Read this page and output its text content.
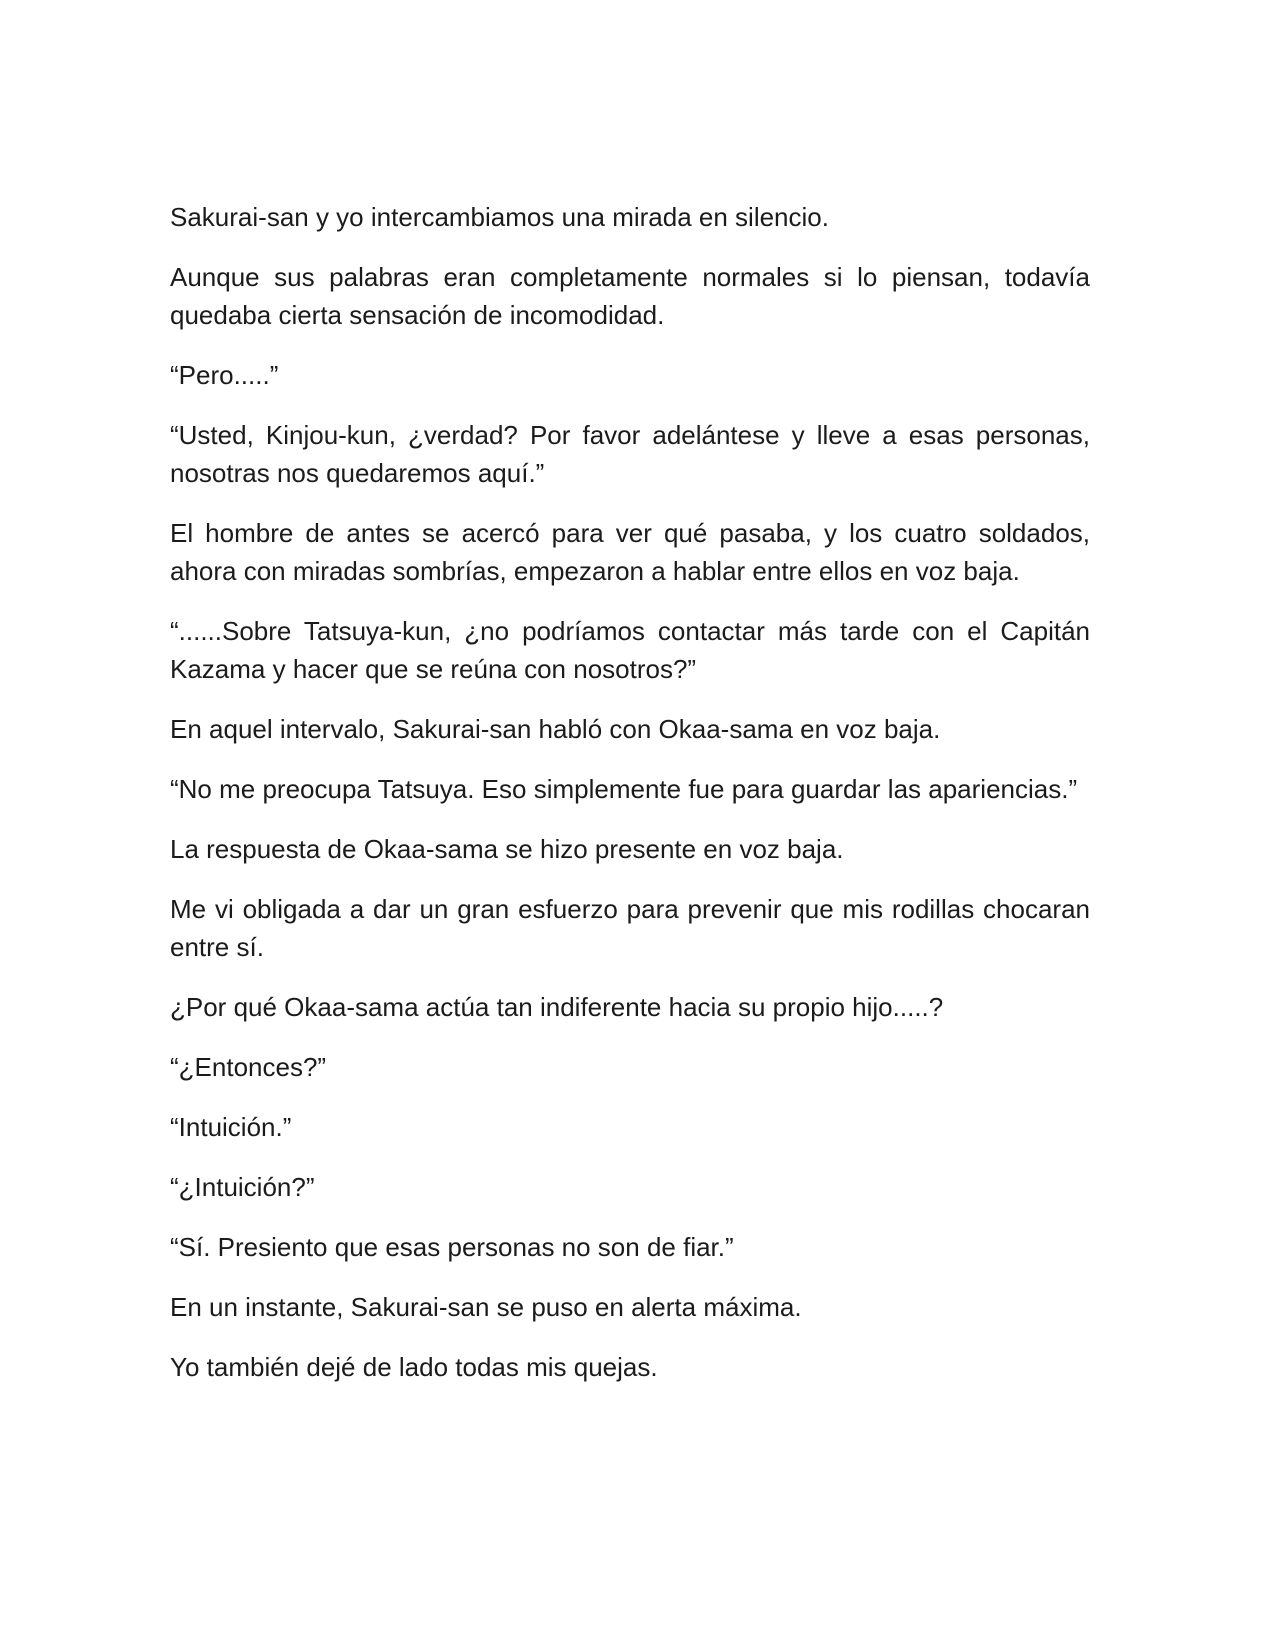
Sakurai-san y yo intercambiamos una mirada en silencio.

Aunque sus palabras eran completamente normales si lo piensan, todavía quedaba cierta sensación de incomodidad.

“Pero.....”

“Usted, Kinjou-kun, ¿verdad? Por favor adelántese y lleve a esas personas, nosotras nos quedaremos aquí.”

El hombre de antes se acercó para ver qué pasaba, y los cuatro soldados, ahora con miradas sombrías, empezaron a hablar entre ellos en voz baja.

“......Sobre Tatsuya-kun, ¿no podríamos contactar más tarde con el Capitán Kazama y hacer que se reúna con nosotros?”

En aquel intervalo, Sakurai-san habló con Okaa-sama en voz baja.

“No me preocupa Tatsuya. Eso simplemente fue para guardar las apariencias.”

La respuesta de Okaa-sama se hizo presente en voz baja.

Me vi obligada a dar un gran esfuerzo para prevenir que mis rodillas chocaran entre sí.

¿Por qué Okaa-sama actúa tan indiferente hacia su propio hijo.....?

“¿Entonces?”

“Intuición.”

“¿Intuición?”

“Sí. Presiento que esas personas no son de fiar.”

En un instante, Sakurai-san se puso en alerta máxima.

Yo también dejé de lado todas mis quejas.
